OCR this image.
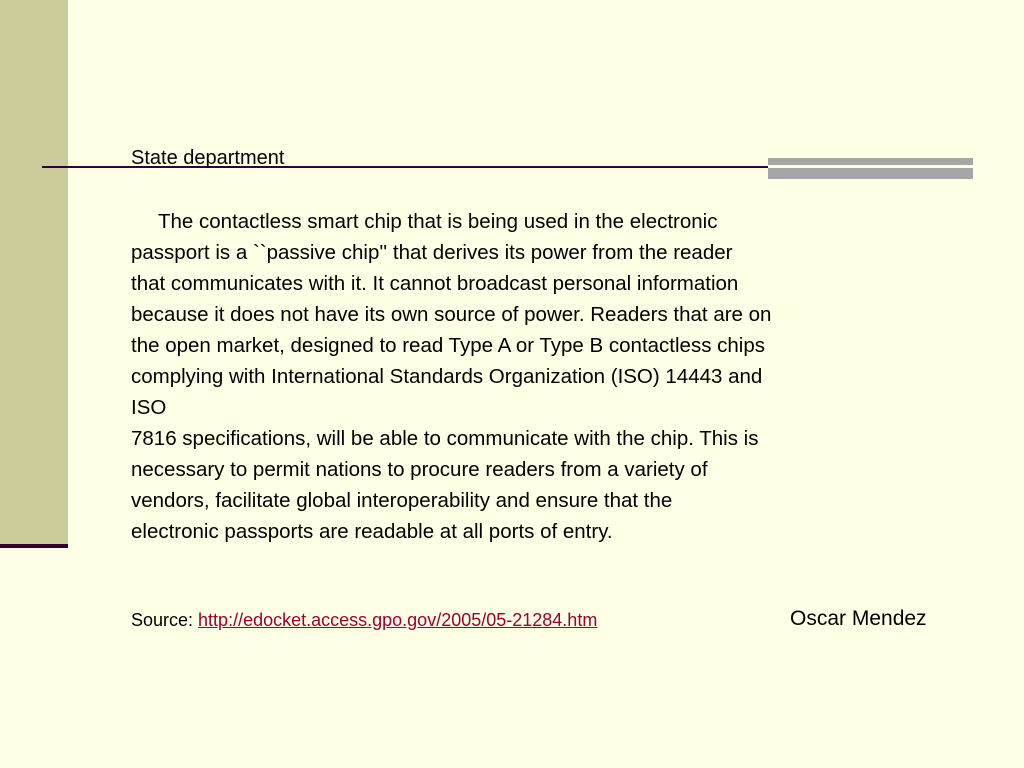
State department
The contactless smart chip that is being used in the electronic
passport is a ``passive chip'' that derives its power from the reader
that communicates with it. It cannot broadcast personal information
because it does not have its own source of power. Readers that are on
the open market, designed to read Type A or Type B contactless chips
complying with International Standards Organization (ISO) 14443 and
ISO
7816 specifications, will be able to communicate with the chip. This is
necessary to permit nations to procure readers from a variety of
vendors, facilitate global interoperability and ensure that the
electronic passports are readable at all ports of entry.
Source: http://edocket.access.gpo.gov/2005/05-21284.htm	Oscar Mendez
